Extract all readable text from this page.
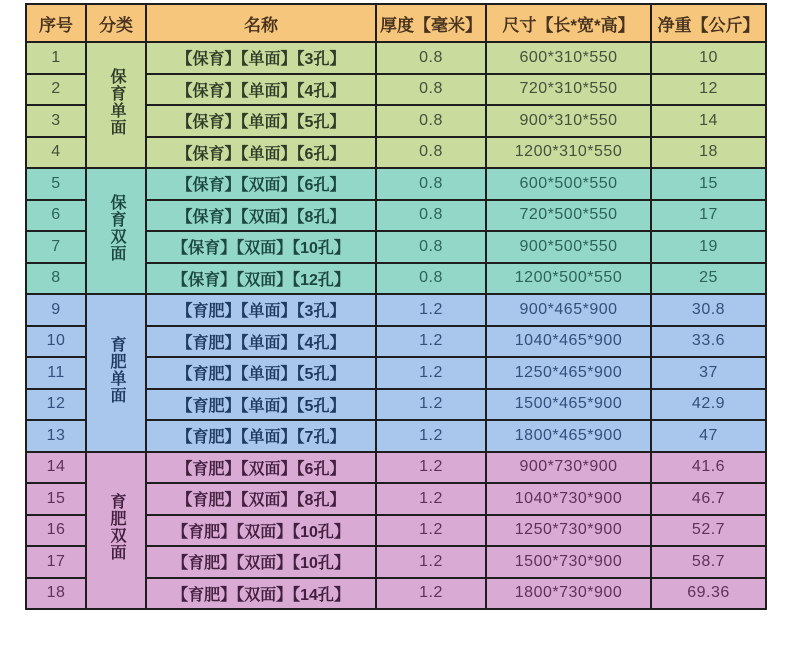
序号	分类	名称	厚度【毫米】	尺寸【长*宽*高】	净重【公斤】
1	保育单面	【保育】【单面】【3孔】	0.8	600*310*550	10
2		【保育】【单面】【4孔】	0.8	720*310*550	12
3		【保育】【单面】【5孔】	0.8	900*310*550	14
4		【保育】【单面】【6孔】	0.8	1200*310*550	18
5	保育双面	【保育】【双面】【6孔】	0.8	600*500*550	15
6		【保育】【双面】【8孔】	0.8	720*500*550	17
7		【保育】【双面】【10孔】	0.8	900*500*550	19
8		【保育】【双面】【12孔】	0.8	1200*500*550	25
9	育肥单面	【育肥】【单面】【3孔】	1.2	900*465*900	30.8
10		【育肥】【单面】【4孔】	1.2	1040*465*900	33.6
11		【育肥】【单面】【5孔】	1.2	1250*465*900	37
12		【育肥】【单面】【5孔】	1.2	1500*465*900	42.9
13		【育肥】【单面】【7孔】	1.2	1800*465*900	47
14	育肥双面	【育肥】【双面】【6孔】	1.2	900*730*900	41.6
15		【育肥】【双面】【8孔】	1.2	1040*730*900	46.7
16		【育肥】【双面】【10孔】	1.2	1250*730*900	52.7
17		【育肥】【双面】【10孔】	1.2	1500*730*900	58.7
18		【育肥】【双面】【14孔】	1.2	1800*730*900	69.36
